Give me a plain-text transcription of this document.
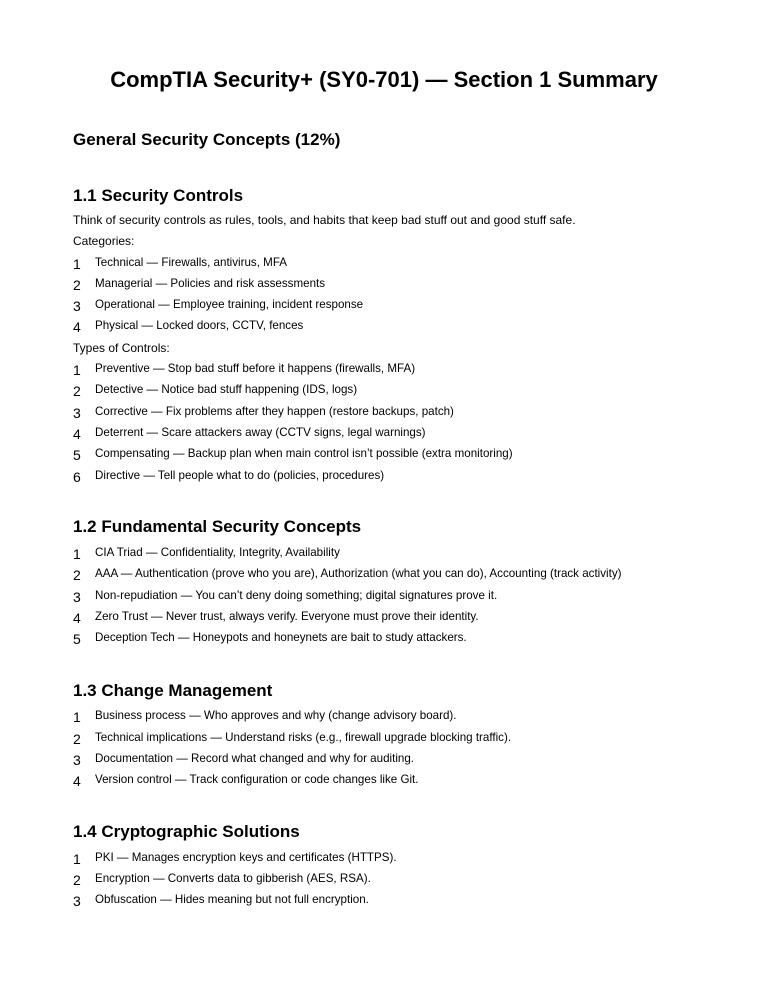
CompTIA Security+ (SY0-701) — Section 1 Summary
General Security Concepts (12%)
1.1 Security Controls
Think of security controls as rules, tools, and habits that keep bad stuff out and good stuff safe.
Categories:
1 Technical — Firewalls, antivirus, MFA
2 Managerial — Policies and risk assessments
3 Operational — Employee training, incident response
4 Physical — Locked doors, CCTV, fences
Types of Controls:
1 Preventive — Stop bad stuff before it happens (firewalls, MFA)
2 Detective — Notice bad stuff happening (IDS, logs)
3 Corrective — Fix problems after they happen (restore backups, patch)
4 Deterrent — Scare attackers away (CCTV signs, legal warnings)
5 Compensating — Backup plan when main control isn’t possible (extra monitoring)
6 Directive — Tell people what to do (policies, procedures)
1.2 Fundamental Security Concepts
1 CIA Triad — Confidentiality, Integrity, Availability
2 AAA — Authentication (prove who you are), Authorization (what you can do), Accounting (track activity)
3 Non-repudiation — You can’t deny doing something; digital signatures prove it.
4 Zero Trust — Never trust, always verify. Everyone must prove their identity.
5 Deception Tech — Honeypots and honeynets are bait to study attackers.
1.3 Change Management
1 Business process — Who approves and why (change advisory board).
2 Technical implications — Understand risks (e.g., firewall upgrade blocking traffic).
3 Documentation — Record what changed and why for auditing.
4 Version control — Track configuration or code changes like Git.
1.4 Cryptographic Solutions
1 PKI — Manages encryption keys and certificates (HTTPS).
2 Encryption — Converts data to gibberish (AES, RSA).
3 Obfuscation — Hides meaning but not full encryption.
